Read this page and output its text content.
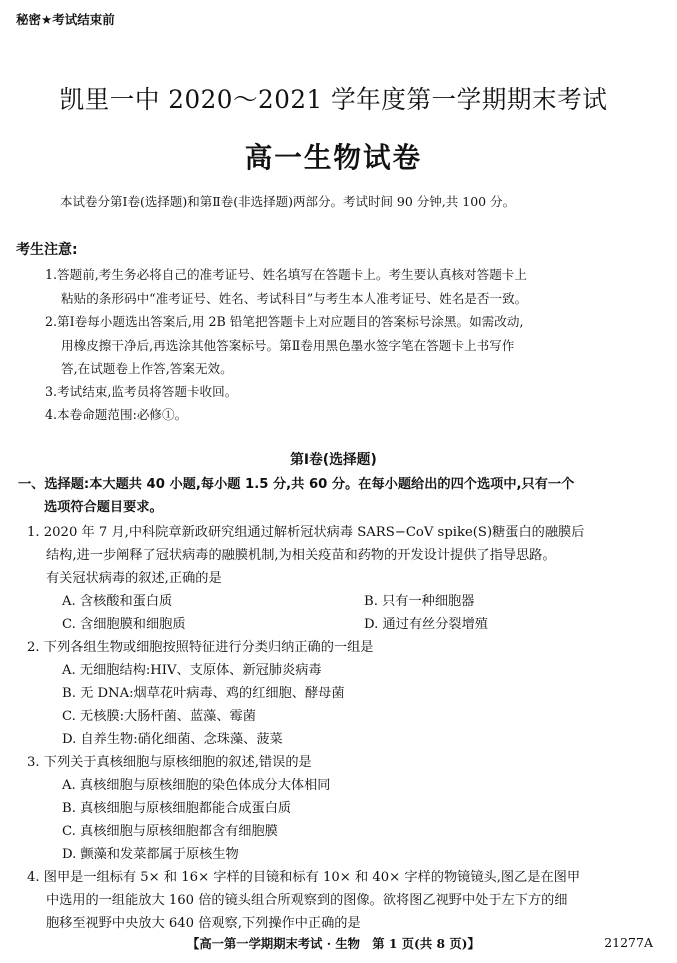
秘密★考试结束前
凯里一中 2020～2021 学年度第一学期期末考试
高一生物试卷
本试卷分第Ⅰ卷(选择题)和第Ⅱ卷(非选择题)两部分。考试时间 90 分钟,共 100 分。
考生注意:
1.答题前,考生务必将自己的准考证号、姓名填写在答题卡上。考生要认真核对答题卡上
粘贴的条形码中“准考证号、姓名、考试科目”与考生本人准考证号、姓名是否一致。
2.第Ⅰ卷每小题选出答案后,用 2B 铅笔把答题卡上对应题目的答案标号涂黑。如需改动,
用橡皮擦干净后,再选涂其他答案标号。第Ⅱ卷用黑色墨水签字笔在答题卡上书写作
答,在试题卷上作答,答案无效。
3.考试结束,监考员将答题卡收回。
4.本卷命题范围:必修①。
第Ⅰ卷(选择题)
一、选择题:本大题共 40 小题,每小题 1.5 分,共 60 分。在每小题给出的四个选项中,只有一个
选项符合题目要求。
1. 2020 年 7 月,中科院章新政研究组通过解析冠状病毒 SARS−CoV spike(S)糖蛋白的融膜后
结构,进一步阐释了冠状病毒的融膜机制,为相关疫苗和药物的开发设计提供了指导思路。
有关冠状病毒的叙述,正确的是
A. 含核酸和蛋白质	B. 只有一种细胞器
C. 含细胞膜和细胞质	D. 通过有丝分裂增殖
2. 下列各组生物或细胞按照特征进行分类归纳正确的一组是
A. 无细胞结构:HIV、支原体、新冠肺炎病毒
B. 无 DNA:烟草花叶病毒、鸡的红细胞、酵母菌
C. 无核膜:大肠杆菌、蓝藻、霉菌
D. 自养生物:硝化细菌、念珠藻、菠菜
3. 下列关于真核细胞与原核细胞的叙述,错误的是
A. 真核细胞与原核细胞的染色体成分大体相同
B. 真核细胞与原核细胞都能合成蛋白质
C. 真核细胞与原核细胞都含有细胞膜
D. 颤藻和发菜都属于原核生物
4. 图甲是一组标有 5× 和 16× 字样的目镜和标有 10× 和 40× 字样的物镜镜头,图乙是在图甲
中选用的一组能放大 160 倍的镜头组合所观察到的图像。欲将图乙视野中处于左下方的细
胞移至视野中央放大 640 倍观察,下列操作中正确的是
【高一第一学期期末考试 · 生物　第 1 页(共 8 页)】	21277A
